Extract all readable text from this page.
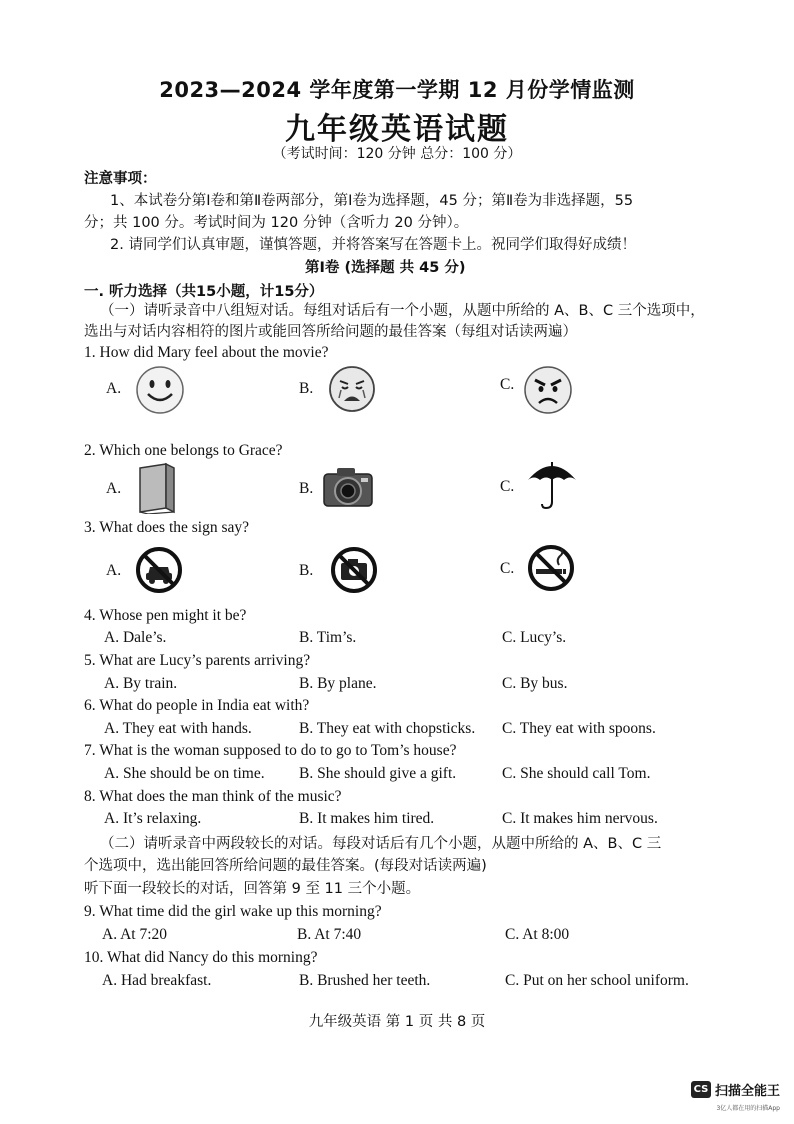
2023—2024 学年度第一学期 12 月份学情监测
九年级英语试题
（考试时间：120 分钟 总分：100 分）
注意事项：
1、本试卷分第Ⅰ卷和第Ⅱ卷两部分，第Ⅰ卷为选择题，45 分；第Ⅱ卷为非选择题，55
分；共 100 分。考试时间为 120 分钟（含听力 20 分钟）。
2. 请同学们认真审题，谨慎答题，并将答案写在答题卡上。祝同学们取得好成绩！
第Ⅰ卷 (选择题 共 45 分)
一. 听力选择（共15小题，计15分）
（一）请听录音中八组短对话。每组对话后有一个小题，从题中所给的 A、B、C 三个选项中，
选出与对话内容相符的图片或能回答所给问题的最佳答案（每组对话读两遍）
1. How did Mary feel about the movie?
A.	B.	C.
2. Which one belongs to Grace?
A.	B.	C.
3. What does the sign say?
A.	B.	C.
4. Whose pen might it be?
A. Dale’s.	B. Tim’s.	C. Lucy’s.
5. What are Lucy’s parents arriving?
A. By train.	B. By plane.	C. By bus.
6. What do people in India eat with?
A. They eat with hands.	B. They eat with chopsticks. C. They eat with spoons.
7. What is the woman supposed to do to go to Tom’s house?
A. She should be on time. B. She should give a gift.	C. She should call Tom.
8. What does the man think of the music?
A. It’s relaxing.	B. It makes him tired.	C. It makes him nervous.
（二）请听录音中两段较长的对话。每段对话后有几个小题，从题中所给的 A、B、C 三
个选项中，选出能回答所给问题的最佳答案。(每段对话读两遍)
听下面一段较长的对话，回答第 9 至 11 三个小题。
9. What time did the girl wake up this morning?
A. At 7:20	B. At 7:40	C. At 8:00
10. What did Nancy do this morning?
A. Had breakfast.	B. Brushed her teeth.	C. Put on her school uniform.
九年级英语 第 1 页 共 8 页
CS 扫描全能王
3亿人都在用的扫描App
